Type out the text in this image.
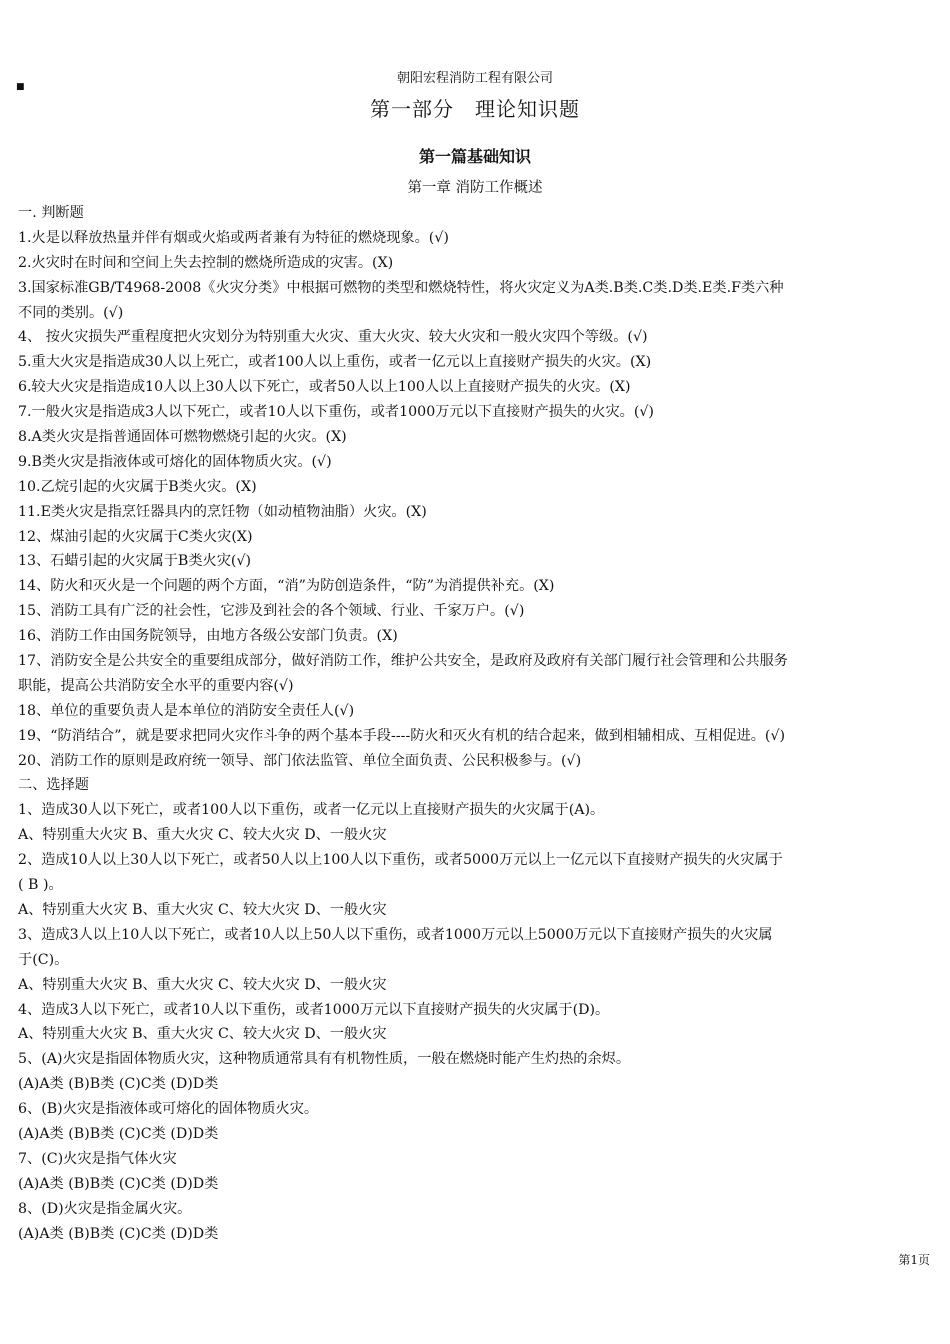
■
朝阳宏程消防工程有限公司
第一部分　理论知识题
第一篇基础知识
第一章 消防工作概述
一. 判断题
1.火是以释放热量并伴有烟或火焰或两者兼有为特征的燃烧现象。(√)
2.火灾时在时间和空间上失去控制的燃烧所造成的灾害。(X)
3.国家标准GB/T4968-2008《火灾分类》中根据可燃物的类型和燃烧特性，将火灾定义为A类.B类.C类.D类.E类.F类六种
不同的类别。(√)
4、 按火灾损失严重程度把火灾划分为特别重大火灾、重大火灾、较大火灾和一般火灾四个等级。(√)
5.重大火灾是指造成30人以上死亡，或者100人以上重伤，或者一亿元以上直接财产损失的火灾。(X)
6.较大火灾是指造成10人以上30人以下死亡，或者50人以上100人以上直接财产损失的火灾。(X)
7.一般火灾是指造成3人以下死亡，或者10人以下重伤，或者1000万元以下直接财产损失的火灾。(√)
8.A类火灾是指普通固体可燃物燃烧引起的火灾。(X)
9.B类火灾是指液体或可熔化的固体物质火灾。(√)
10.乙烷引起的火灾属于B类火灾。(X)
11.E类火灾是指烹饪器具内的烹饪物（如动植物油脂）火灾。(X)
12、煤油引起的火灾属于C类火灾(X)
13、石蜡引起的火灾属于B类火灾(√)
14、防火和灭火是一个问题的两个方面，“消”为防创造条件，“防”为消提供补充。(X)
15、消防工具有广泛的社会性，它涉及到社会的各个领域、行业、千家万户。(√)
16、消防工作由国务院领导，由地方各级公安部门负责。(X)
17、消防安全是公共安全的重要组成部分，做好消防工作，维护公共安全，是政府及政府有关部门履行社会管理和公共服务
职能，提高公共消防安全水平的重要内容(√)
18、单位的重要负责人是本单位的消防安全责任人(√)
19、“防消结合”，就是要求把同火灾作斗争的两个基本手段----防火和灭火有机的结合起来，做到相辅相成、互相促进。(√)
20、消防工作的原则是政府统一领导、部门依法监管、单位全面负责、公民积极参与。(√)
二、选择题
1、造成30人以下死亡，或者100人以下重伤，或者一亿元以上直接财产损失的火灾属于(A)。
A、特别重大火灾 B、重大火灾 C、较大火灾 D、一般火灾
2、造成10人以上30人以下死亡，或者50人以上100人以下重伤，或者5000万元以上一亿元以下直接财产损失的火灾属于
( B )。
A、特别重大火灾 B、重大火灾 C、较大火灾 D、一般火灾
3、造成3人以上10人以下死亡，或者10人以上50人以下重伤，或者1000万元以上5000万元以下直接财产损失的火灾属
于(C)。
A、特别重大火灾 B、重大火灾 C、较大火灾 D、一般火灾
4、造成3人以下死亡，或者10人以下重伤，或者1000万元以下直接财产损失的火灾属于(D)。
A、特别重大火灾 B、重大火灾 C、较大火灾 D、一般火灾
5、(A)火灾是指固体物质火灾，这种物质通常具有有机物性质，一般在燃烧时能产生灼热的余烬。
(A)A类 (B)B类 (C)C类 (D)D类
6、(B)火灾是指液体或可熔化的固体物质火灾。
(A)A类 (B)B类 (C)C类 (D)D类
7、(C)火灾是指气体火灾
(A)A类 (B)B类 (C)C类 (D)D类
8、(D)火灾是指金属火灾。
(A)A类 (B)B类 (C)C类 (D)D类
第1页
